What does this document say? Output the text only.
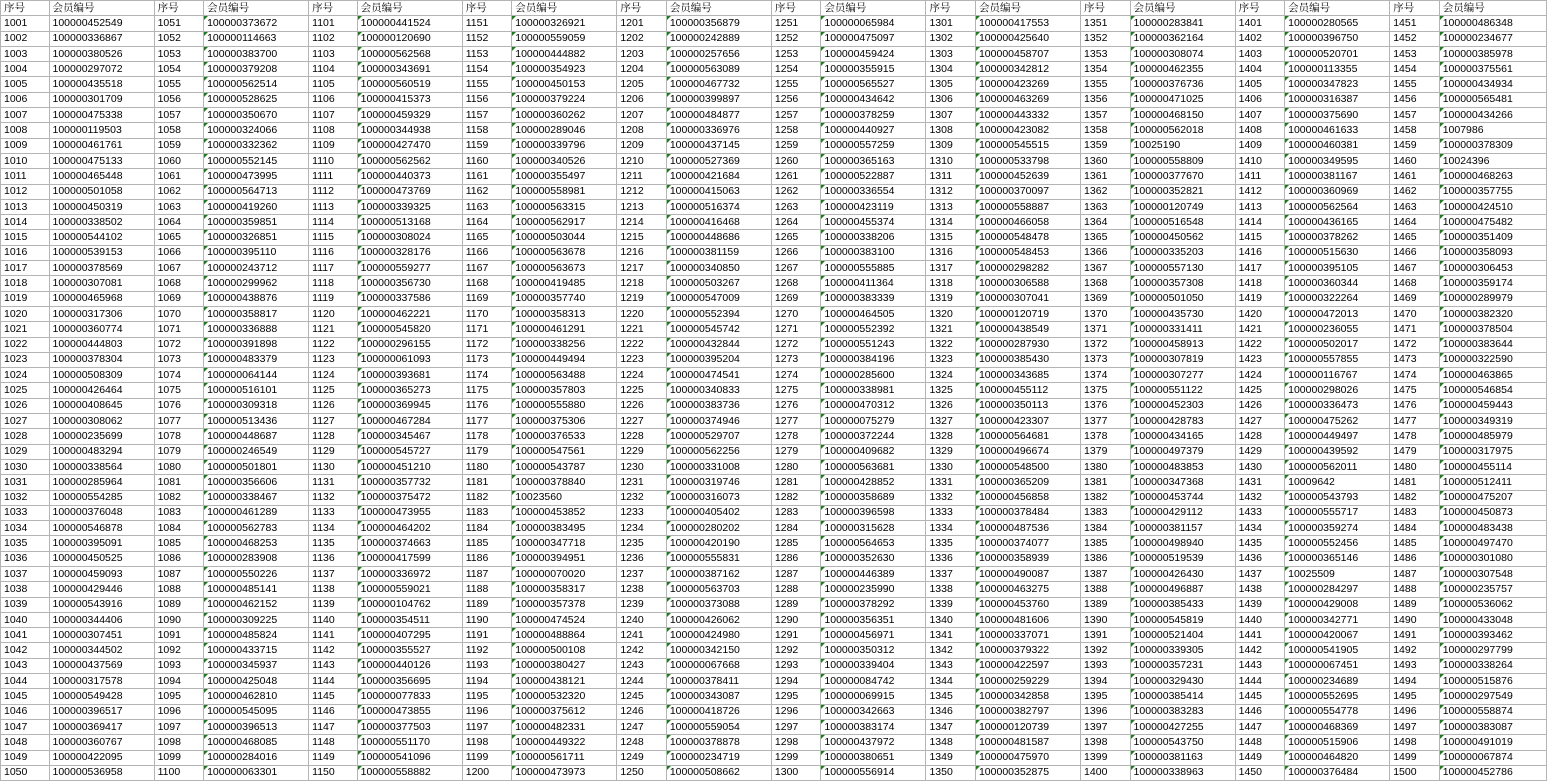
序号	会员编号	序号	会员编号	序号	会员编号	序号	会员编号	序号	会员编号	序号	会员编号	序号	会员编号	序号	会员编号	序号	会员编号	序号	会员编号
1001	100000452549	1051	100000373672	1101	100000441524	1151	100000326921	1201	100000356879	1251	100000065984	1301	100000417553	1351	100000283841	1401	100000280565	1451	100000486348
1002	100000336867	1052	100000114663	1102	100000120690	1152	100000559059	1202	100000242889	1252	100000475097	1302	100000425640	1352	100000362164	1402	100000396750	1452	100000234677
1003	100000380526	1053	100000383700	1103	100000562568	1153	100000444882	1203	100000257656	1253	100000459424	1303	100000458707	1353	100000308074	1403	100000520701	1453	100000385978
1004	100000297072	1054	100000379208	1104	100000343691	1154	100000354923	1204	100000563089	1254	100000355915	1304	100000342812	1354	100000462355	1404	100000113355	1454	100000375561
1005	100000435518	1055	100000562514	1105	100000560519	1155	100000450153	1205	100000467732	1255	100000565527	1305	100000423269	1355	100000376736	1405	100000347823	1455	100000434934
1006	100000301709	1056	100000528625	1106	100000415373	1156	100000379224	1206	100000399897	1256	100000434642	1306	100000463269	1356	100000471025	1406	100000316387	1456	100000565481
1007	100000475338	1057	100000350670	1107	100000459329	1157	100000360262	1207	100000484877	1257	100000378259	1307	100000443332	1357	100000468150	1407	100000375690	1457	100000434266
1008	100000119503	1058	100000324066	1108	100000344938	1158	100000289046	1208	100000336976	1258	100000440927	1308	100000423082	1358	100000562018	1408	100000461633	1458	1007986
1009	100000461761	1059	100000332362	1109	100000427470	1159	100000339796	1209	100000437145	1259	100000557259	1309	100000545515	1359	10025190	1409	100000460381	1459	100000378309
1010	100000475133	1060	100000552145	1110	100000562562	1160	100000340526	1210	100000527369	1260	100000365163	1310	100000533798	1360	100000558809	1410	100000349595	1460	10024396
1011	100000465448	1061	100000473995	1111	100000440373	1161	100000355497	1211	100000421684	1261	100000522887	1311	100000452639	1361	100000377670	1411	100000381167	1461	100000468263
1012	100000501058	1062	100000564713	1112	100000473769	1162	100000558981	1212	100000415063	1262	100000336554	1312	100000370097	1362	100000352821	1412	100000360969	1462	100000357755
1013	100000450319	1063	100000419260	1113	100000339325	1163	100000563315	1213	100000516374	1263	100000423119	1313	100000558887	1363	100000120749	1413	100000562564	1463	100000424510
1014	100000338502	1064	100000359851	1114	100000513168	1164	100000562917	1214	100000416468	1264	100000455374	1314	100000466058	1364	100000516548	1414	100000436165	1464	100000475482
1015	100000544102	1065	100000326851	1115	100000308024	1165	100000503044	1215	100000448686	1265	100000338206	1315	100000548478	1365	100000450562	1415	100000378262	1465	100000351409
1016	100000539153	1066	100000395110	1116	100000328176	1166	100000563678	1216	100000381159	1266	100000383100	1316	100000548453	1366	100000335203	1416	100000515630	1466	100000358093
1017	100000378569	1067	100000243712	1117	100000559277	1167	100000563673	1217	100000340850	1267	100000555885	1317	100000298282	1367	100000557130	1417	100000395105	1467	100000306453
1018	100000307081	1068	100000299962	1118	100000356730	1168	100000419485	1218	100000503267	1268	100000411364	1318	100000306588	1368	100000357308	1418	100000360344	1468	100000359174
1019	100000465968	1069	100000438876	1119	100000337586	1169	100000357740	1219	100000547009	1269	100000383339	1319	100000307041	1369	100000501050	1419	100000322264	1469	100000289979
1020	100000317306	1070	100000358817	1120	100000462221	1170	100000358313	1220	100000552394	1270	100000464505	1320	100000120719	1370	100000435730	1420	100000472013	1470	100000382320
1021	100000360774	1071	100000336888	1121	100000545820	1171	100000461291	1221	100000545742	1271	100000552392	1321	100000438549	1371	100000331411	1421	100000236055	1471	100000378504
1022	100000444803	1072	100000391898	1122	100000296155	1172	100000338256	1222	100000432844	1272	100000551243	1322	100000287930	1372	100000458913	1422	100000502017	1472	100000383644
1023	100000378304	1073	100000483379	1123	100000061093	1173	100000449494	1223	100000395204	1273	100000384196	1323	100000385430	1373	100000307819	1423	100000557855	1473	100000322590
1024	100000508309	1074	100000064144	1124	100000393681	1174	100000563488	1224	100000474541	1274	100000285600	1324	100000343685	1374	100000307277	1424	100000116767	1474	100000463865
1025	100000426464	1075	100000516101	1125	100000365273	1175	100000357803	1225	100000340833	1275	100000338981	1325	100000455112	1375	100000551122	1425	100000298026	1475	100000546854
1026	100000408645	1076	100000309318	1126	100000369945	1176	100000555880	1226	100000383736	1276	100000470312	1326	100000350113	1376	100000452303	1426	100000336473	1476	100000459443
1027	100000308062	1077	100000513436	1127	100000467284	1177	100000375306	1227	100000374946	1277	100000075279	1327	100000423307	1377	100000428783	1427	100000475262	1477	100000349319
1028	100000235699	1078	100000448687	1128	100000345467	1178	100000376533	1228	100000529707	1278	100000372244	1328	100000564681	1378	100000434165	1428	100000449497	1478	100000485979
1029	100000483294	1079	100000246549	1129	100000545727	1179	100000547561	1229	100000562256	1279	100000409682	1329	100000496674	1379	100000497379	1429	100000439592	1479	100000317975
1030	100000338564	1080	100000501801	1130	100000451210	1180	100000543787	1230	100000331008	1280	100000563681	1330	100000548500	1380	100000483853	1430	100000562011	1480	100000455114
1031	100000285964	1081	100000356606	1131	100000357732	1181	100000378840	1231	100000319746	1281	100000428852	1331	100000365209	1381	100000347368	1431	10009642	1481	100000512411
1032	100000554285	1082	100000338467	1132	100000375472	1182	10023560	1232	100000316073	1282	100000358689	1332	100000456858	1382	100000453744	1432	100000543793	1482	100000475207
1033	100000376048	1083	100000461289	1133	100000473955	1183	100000453852	1233	100000405402	1283	100000396598	1333	100000378484	1383	100000429112	1433	100000555717	1483	100000450873
1034	100000546878	1084	100000562783	1134	100000464202	1184	100000383495	1234	100000280202	1284	100000315628	1334	100000487536	1384	100000381157	1434	100000359274	1484	100000483438
1035	100000395091	1085	100000468253	1135	100000374663	1185	100000347718	1235	100000420190	1285	100000564653	1335	100000374077	1385	100000498940	1435	100000552456	1485	100000497470
1036	100000450525	1086	100000283908	1136	100000417599	1186	100000394951	1236	100000555831	1286	100000352630	1336	100000358939	1386	100000519539	1436	100000365146	1486	100000301080
1037	100000459093	1087	100000550226	1137	100000336972	1187	100000070020	1237	100000387162	1287	100000446389	1337	100000490087	1387	100000426430	1437	10025509	1487	100000307548
1038	100000429446	1088	100000485141	1138	100000559021	1188	100000358317	1238	100000563703	1288	100000235990	1338	100000463275	1388	100000496887	1438	100000284297	1488	100000235757
1039	100000543916	1089	100000462152	1139	100000104762	1189	100000357378	1239	100000373088	1289	100000378292	1339	100000453760	1389	100000385433	1439	100000429008	1489	100000536062
1040	100000344406	1090	100000309225	1140	100000354511	1190	100000474524	1240	100000426062	1290	100000356351	1340	100000481606	1390	100000545819	1440	100000342771	1490	100000433048
1041	100000307451	1091	100000485824	1141	100000407295	1191	100000488864	1241	100000424980	1291	100000456971	1341	100000337071	1391	100000521404	1441	100000420067	1491	100000393462
1042	100000344502	1092	100000433715	1142	100000355527	1192	100000500108	1242	100000342150	1292	100000350312	1342	100000379322	1392	100000339305	1442	100000541905	1492	100000297799
1043	100000437569	1093	100000345937	1143	100000440126	1193	100000380427	1243	100000067668	1293	100000339404	1343	100000422597	1393	100000357231	1443	100000067451	1493	100000338264
1044	100000317578	1094	100000425048	1144	100000356695	1194	100000438121	1244	100000378411	1294	100000084742	1344	100000259229	1394	100000329430	1444	100000234689	1494	100000515876
1045	100000549428	1095	100000462810	1145	100000077833	1195	100000532320	1245	100000343087	1295	100000069915	1345	100000342858	1395	100000385414	1445	100000552695	1495	100000297549
1046	100000396517	1096	100000545095	1146	100000473855	1196	100000375612	1246	100000418726	1296	100000342663	1346	100000382797	1396	100000383283	1446	100000554778	1496	100000558874
1047	100000369417	1097	100000396513	1147	100000377503	1197	100000482331	1247	100000559054	1297	100000383174	1347	100000120739	1397	100000427255	1447	100000468369	1497	100000383087
1048	100000360767	1098	100000468085	1148	100000551170	1198	100000449322	1248	100000378878	1298	100000437972	1348	100000481587	1398	100000543750	1448	100000515906	1498	100000491019
1049	100000422095	1099	100000284016	1149	100000541096	1199	100000561711	1249	100000234719	1299	100000380651	1349	100000475970	1399	100000381163	1449	100000464820	1499	100000067874
1050	100000536958	1100	100000063301	1150	100000558882	1200	100000473973	1250	100000508662	1300	100000556914	1350	100000352875	1400	100000338963	1450	100000376484	1500	100000452786
